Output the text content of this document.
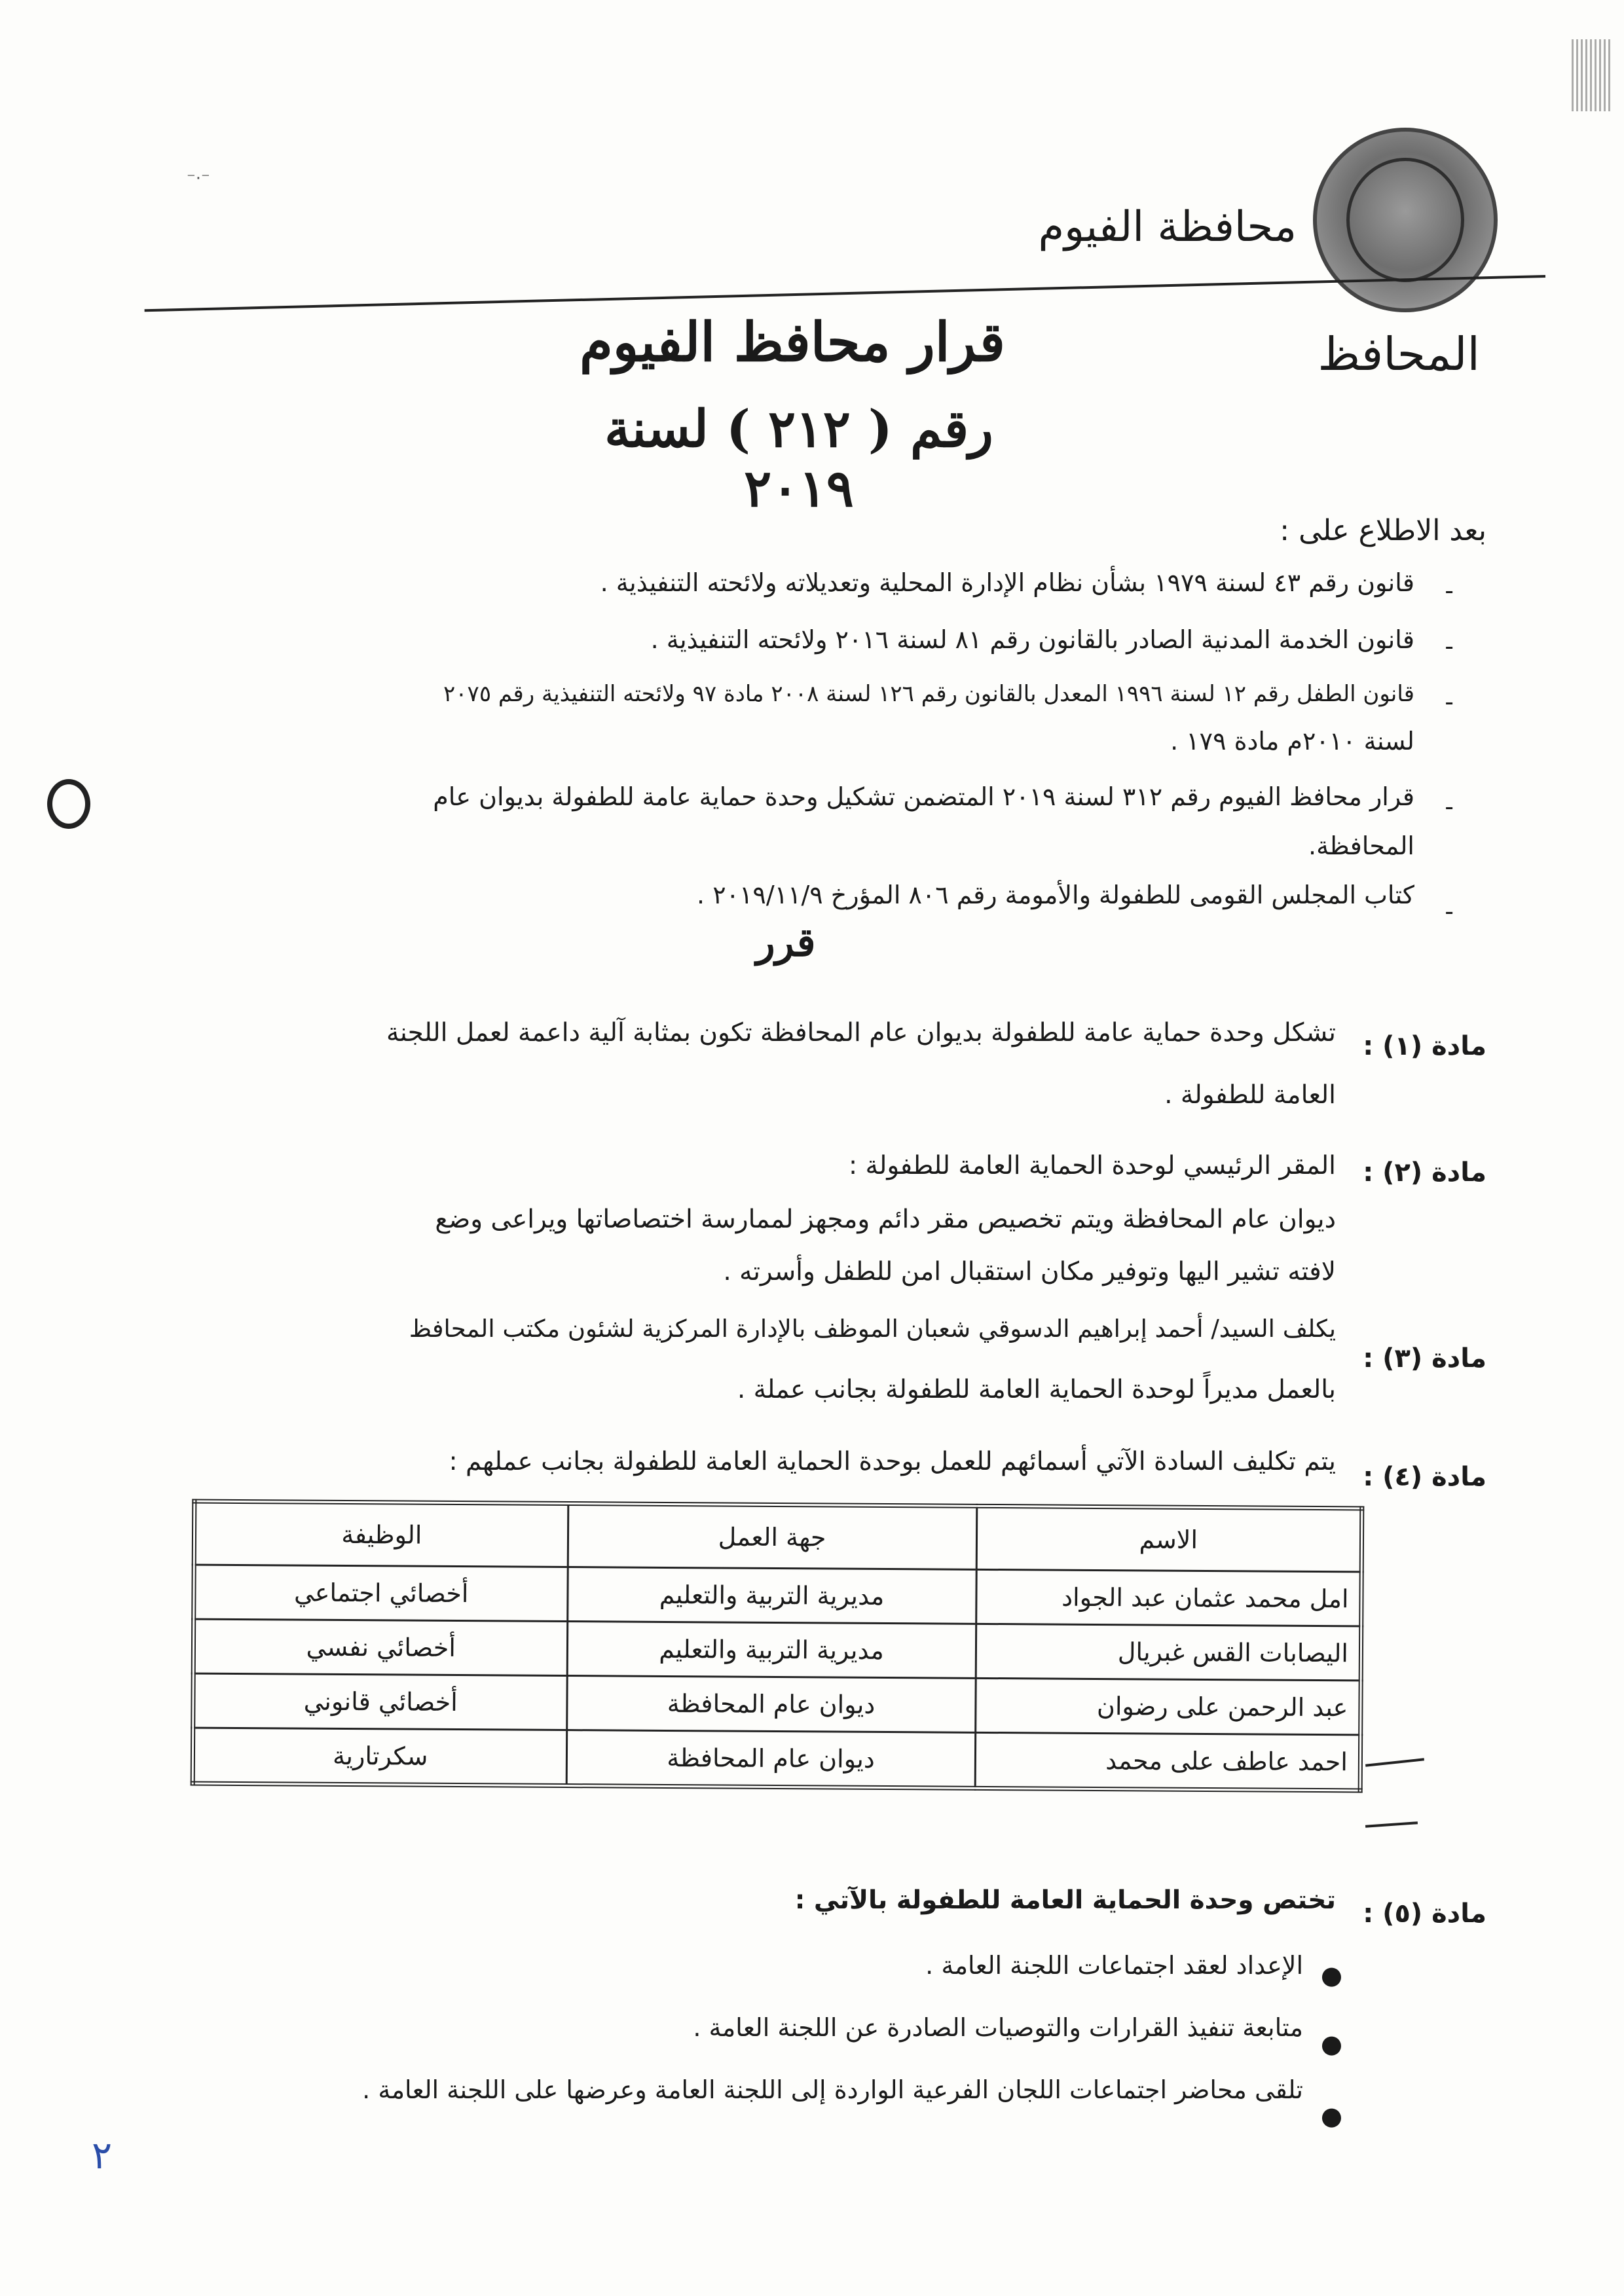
⁻·⁻
محافظة الفيوم
المحافظ
قرار محافظ الفيوم
رقم ( ٢١٢ ) لسنة ٢٠١٩
بعد الاطلاع على :
-
قانون رقم ٤٣ لسنة ١٩٧٩ بشأن نظام الإدارة المحلية وتعديلاته ولائحته التنفيذية .
-
قانون الخدمة المدنية الصادر بالقانون رقم ٨١ لسنة ٢٠١٦ ولائحته التنفيذية .
-
قانون الطفل رقم ١٢ لسنة ١٩٩٦ المعدل بالقانون رقم ١٢٦ لسنة ٢٠٠٨ مادة ٩٧ ولائحته التنفيذية رقم ٢٠٧٥
لسنة ٢٠١٠م مادة ١٧٩ .
-
قرار محافظ الفيوم رقم ٣١٢ لسنة ٢٠١٩ المتضمن تشكيل وحدة حماية عامة للطفولة بديوان عام
المحافظة.
-
كتاب المجلس القومى للطفولة والأمومة رقم ٨٠٦ المؤرخ ٢٠١٩/١١/٩ .
قرر
مادة (١) :
تشكل وحدة حماية عامة للطفولة بديوان عام المحافظة تكون بمثابة آلية داعمة لعمل اللجنة
العامة للطفولة .
مادة (٢) :
المقر الرئيسي لوحدة الحماية العامة للطفولة :
ديوان عام المحافظة ويتم تخصيص مقر دائم ومجهز لممارسة اختصاصاتها ويراعى وضع
لافته تشير اليها وتوفير مكان استقبال امن للطفل وأسرته .
مادة (٣) :
يكلف السيد/ أحمد إبراهيم الدسوقي شعبان الموظف بالإدارة المركزية لشئون مكتب المحافظ
بالعمل مديراً لوحدة الحماية العامة للطفولة بجانب عملة .
مادة (٤) :
يتم تكليف السادة الآتي أسمائهم للعمل بوحدة الحماية العامة للطفولة بجانب عملهم :
الاسم	جهة العمل	الوظيفة
امل محمد عثمان عبد الجواد	مديرية التربية والتعليم	أخصائي اجتماعي
اليصابات القس غبريال	مديرية التربية والتعليم	أخصائي نفسي
عبد الرحمن على رضوان	ديوان عام المحافظة	أخصائي قانوني
احمد عاطف على محمد	ديوان عام المحافظة	سكرتارية
مادة (٥) :
تختص وحدة الحماية العامة للطفولة بالآتي :
●
الإعداد لعقد اجتماعات اللجنة العامة .
●
متابعة تنفيذ القرارات والتوصيات الصادرة عن اللجنة العامة .
●
تلقى محاضر اجتماعات اللجان الفرعية الواردة إلى اللجنة العامة وعرضها على اللجنة العامة .
٢
